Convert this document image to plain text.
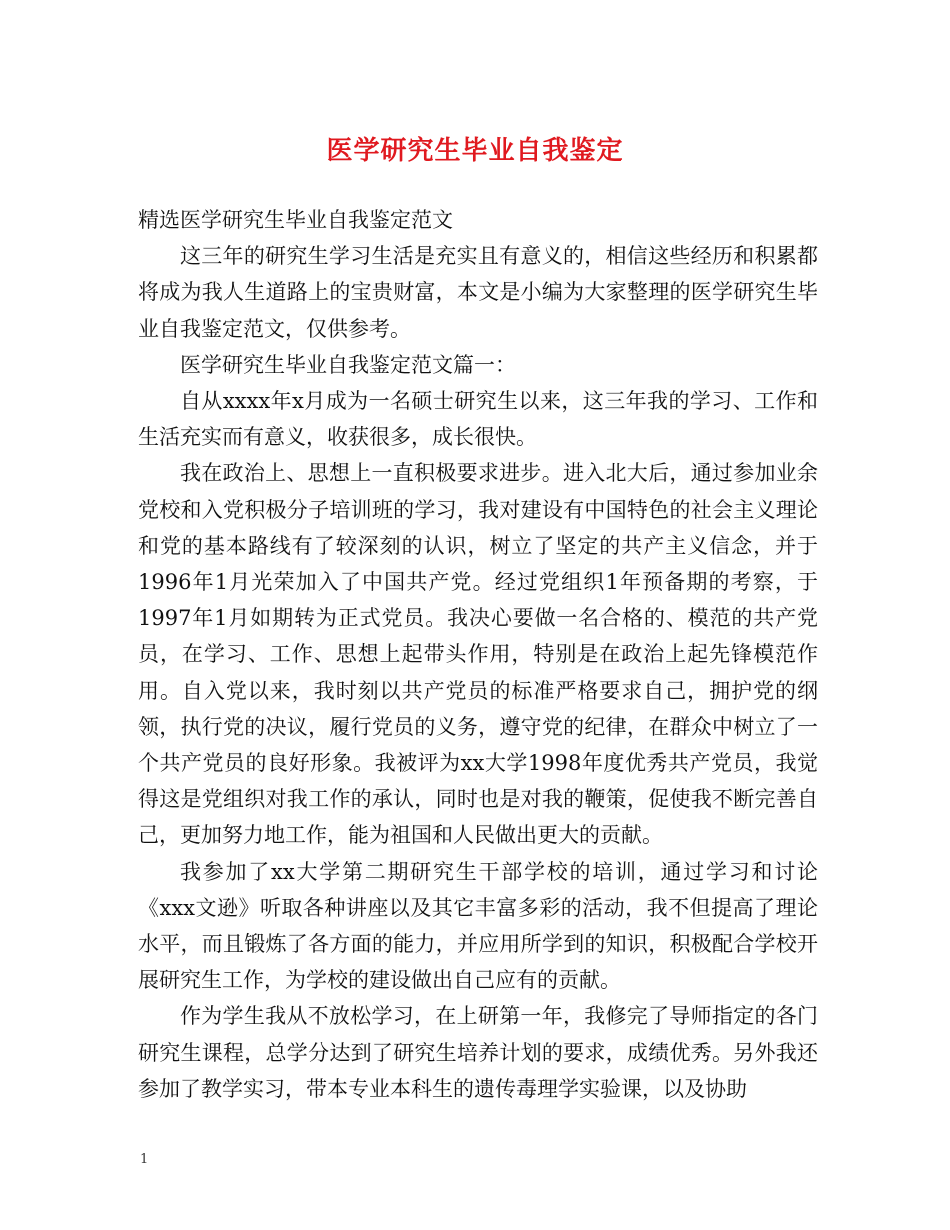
医学研究生毕业自我鉴定

精选医学研究生毕业自我鉴定范文

这三年的研究生学习生活是充实且有意义的，相信这些经历和积累都将成为我人生道路上的宝贵财富，本文是小编为大家整理的医学研究生毕业自我鉴定范文，仅供参考。

医学研究生毕业自我鉴定范文篇一：

自从xxxx年x月成为一名硕士研究生以来，这三年我的学习、工作和生活充实而有意义，收获很多，成长很快。

我在政治上、思想上一直积极要求进步。进入北大后，通过参加业余党校和入党积极分子培训班的学习，我对建设有中国特色的社会主义理论和党的基本路线有了较深刻的认识，树立了坚定的共产主义信念，并于1996年1月光荣加入了中国共产党。经过党组织1年预备期的考察，于1997年1月如期转为正式党员。我决心要做一名合格的、模范的共产党员，在学习、工作、思想上起带头作用，特别是在政治上起先锋模范作用。自入党以来，我时刻以共产党员的标准严格要求自己，拥护党的纲领，执行党的决议，履行党员的义务，遵守党的纪律，在群众中树立了一个共产党员的良好形象。我被评为xx大学1998年度优秀共产党员，我觉得这是党组织对我工作的承认，同时也是对我的鞭策，促使我不断完善自己，更加努力地工作，能为祖国和人民做出更大的贡献。

我参加了xx大学第二期研究生干部学校的培训，通过学习和讨论《xxx文逊》听取各种讲座以及其它丰富多彩的活动，我不但提高了理论水平，而且锻炼了各方面的能力，并应用所学到的知识，积极配合学校开展研究生工作，为学校的建设做出自己应有的贡献。

作为学生我从不放松学习，在上研第一年，我修完了导师指定的各门研究生课程，总学分达到了研究生培养计划的要求，成绩优秀。另外我还参加了教学实习，带本专业本科生的遗传毒理学实验课，以及协助

1
